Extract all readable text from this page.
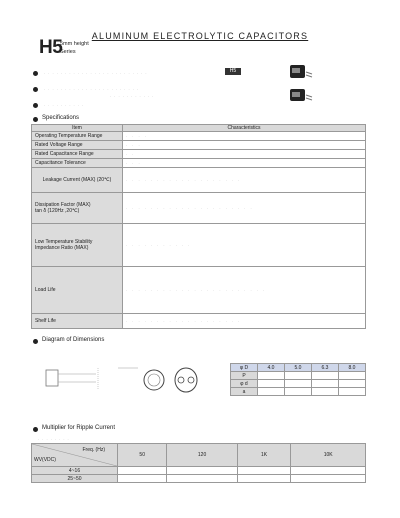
ALUMINUM ELECTROLYTIC CAPACITORS
H5
5mm height
Series
. . . . . . . . . . . . . . . . . . . . . . . . .
. . . . . . . . . . . . . . . . . . . . . . .
. . . . . . . . . . .
. . . . . . . . . .
H5
Specifications
Item	Characteristics
Operating Temperature Range	. . . .
Rated Voltage Range	. . .
Rated Capacitance Range	. .
Capacitance Tolerance	. . .
Leakage Current (MAX) (20℃)	. . . . . . . . . . . . . . . . . . .

Dissipation Factor (MAX)
tan δ (120Hz ,20℃)	. . . . . . . . . . . . . . . . . . . . .

Low Temperature Stability
Impedance Ratio (MAX)	. . . . . . . . . . .
Load Life	. . . . . . . . . . . . . . . . . . . . . . .
Shelf Life	. . . . . . . . . . . . . . . . . . .
Diagram of Dimensions
φ D	4.0	5.0	6.3	8.0
P				
φ d				
a				
Multiplier for Ripple Current
. . . . . . . .
Freq. (Hz)
WV(VDC)	50	120	1K	10K
4~16				
25~50				
